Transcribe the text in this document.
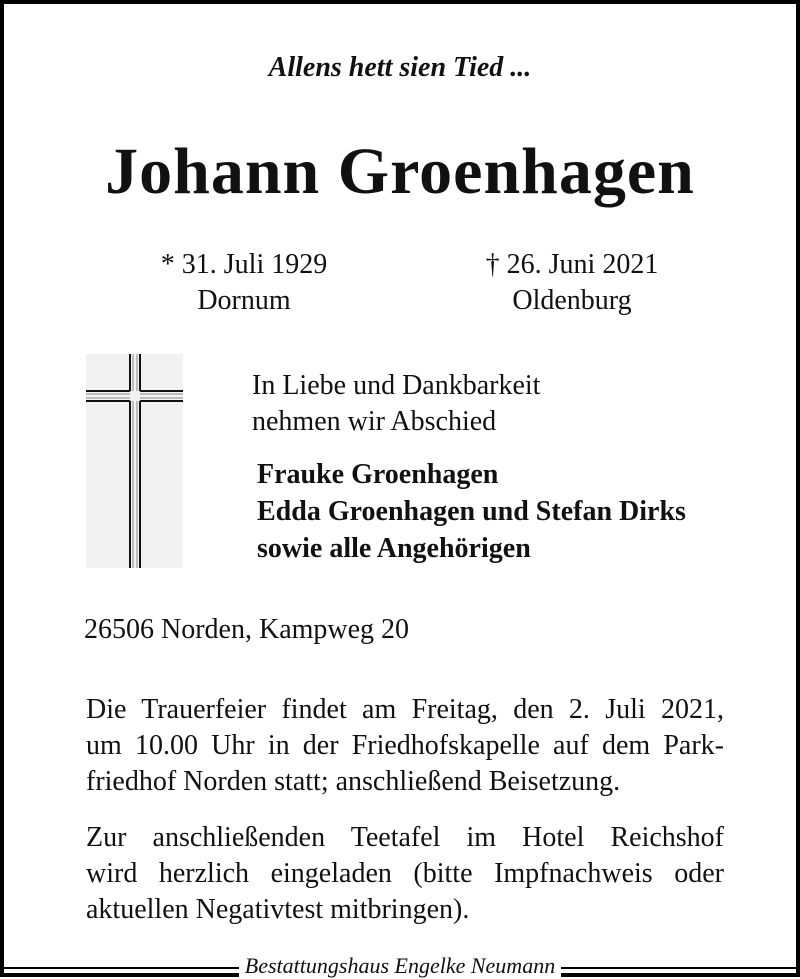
Allens hett sien Tied ...
Johann Groenhagen
* 31. Juli 1929
Dornum
† 26. Juni 2021
Oldenburg
In Liebe und Dankbarkeit
nehmen wir Abschied
Frauke Groenhagen
Edda Groenhagen und Stefan Dirks
sowie alle Angehörigen
26506 Norden, Kampweg 20
Die Trauerfeier findet am Freitag, den 2. Juli 2021,
um 10.00 Uhr in der Friedhofskapelle auf dem Park-
friedhof Norden statt; anschließend Beisetzung.
Zur anschließenden Teetafel im Hotel Reichshof
wird herzlich eingeladen (bitte Impfnachweis oder
aktuellen Negativtest mitbringen).
Bestattungshaus Engelke Neumann
